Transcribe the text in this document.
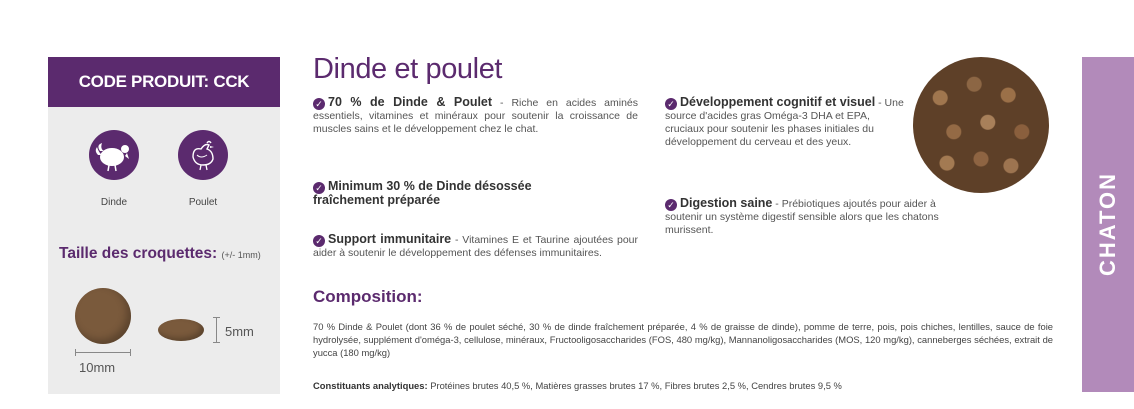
CODE PRODUIT: CCK
Dinde	Poulet
Taille des croquettes: (+/- 1mm)
10mm
5mm
Dinde et poulet
✓ 70 % de Dinde & Poulet - Riche en acides aminés essentiels, vitamines et minéraux pour soutenir la croissance de muscles sains et le développement chez le chat.
✓ Minimum 30 % de Dinde désossée fraîchement préparée
✓ Support immunitaire - Vitamines E et Taurine ajoutées pour aider à soutenir le développement des défenses immunitaires.
✓ Développement cognitif et visuel - Une source d'acides gras Oméga-3 DHA et EPA, cruciaux pour soutenir les phases initiales du développement du cerveau et des yeux.
✓ Digestion saine - Prébiotiques ajoutés pour aider à soutenir un système digestif sensible alors que les chatons murissent.
Composition:
70 % Dinde & Poulet (dont 36 % de poulet séché, 30 % de dinde fraîchement préparée, 4 % de graisse de dinde), pomme de terre, pois, pois chiches, lentilles, sauce de foie hydrolysée, supplément d'oméga-3, cellulose, minéraux, Fructooligosaccharides (FOS, 480 mg/kg), Mannanoligosaccharides (MOS, 120 mg/kg), canneberges séchées, extrait de yucca (180 mg/kg)
Constituants analytiques: Protéines brutes 40,5 %, Matières grasses brutes 17 %, Fibres brutes 2,5 %, Cendres brutes 9,5 %
CHATON
